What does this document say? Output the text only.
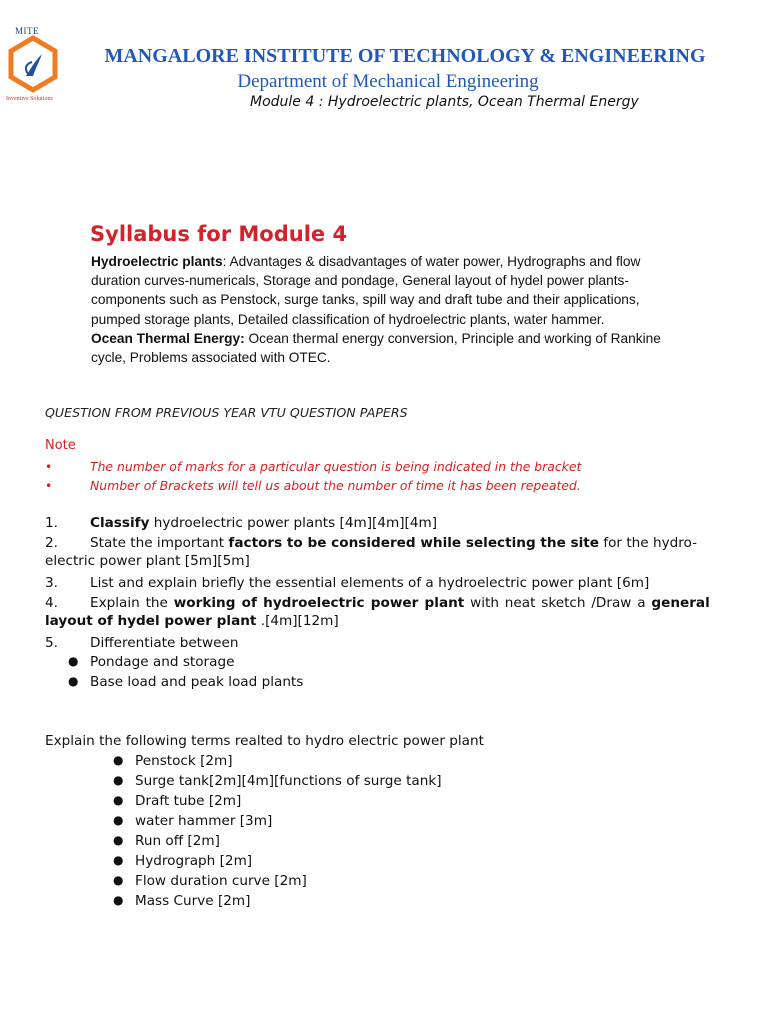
MITE
Inventive Solutions
MANGALORE INSTITUTE OF TECHNOLOGY & ENGINEERING
Department of Mechanical Engineering
Module 4 : Hydroelectric plants, Ocean Thermal Energy
Syllabus for Module 4
Hydroelectric plants: Advantages & disadvantages of water power, Hydrographs and flow duration curves-numericals, Storage and pondage, General layout of hydel power plants- components such as Penstock, surge tanks, spill way and draft tube and their applications, pumped storage plants, Detailed classification of hydroelectric plants, water hammer.
Ocean Thermal Energy: Ocean thermal energy conversion, Principle and working of Rankine cycle, Problems associated with OTEC.
QUESTION FROM PREVIOUS YEAR VTU QUESTION PAPERS
Note
•	The number of marks for a particular question is being indicated in the bracket
•	Number of Brackets will tell us about the number of time it has been repeated.
1. Classify hydroelectric power plants [4m][4m][4m]
2. State the important factors to be considered while selecting the site for the hydro-
electric power plant [5m][5m]
3. List and explain briefly the essential elements of a hydroelectric power plant [6m]
4. Explain the working of hydroelectric power plant with neat sketch /Draw a general
layout of hydel power plant .[4m][12m]
5. Differentiate between
● Pondage and storage
● Base load and peak load plants
Explain the following terms realted to hydro electric power plant
● Penstock [2m]
● Surge tank[2m][4m][functions of surge tank]
● Draft tube [2m]
● water hammer [3m]
● Run off [2m]
● Hydrograph [2m]
● Flow duration curve [2m]
● Mass Curve [2m]
